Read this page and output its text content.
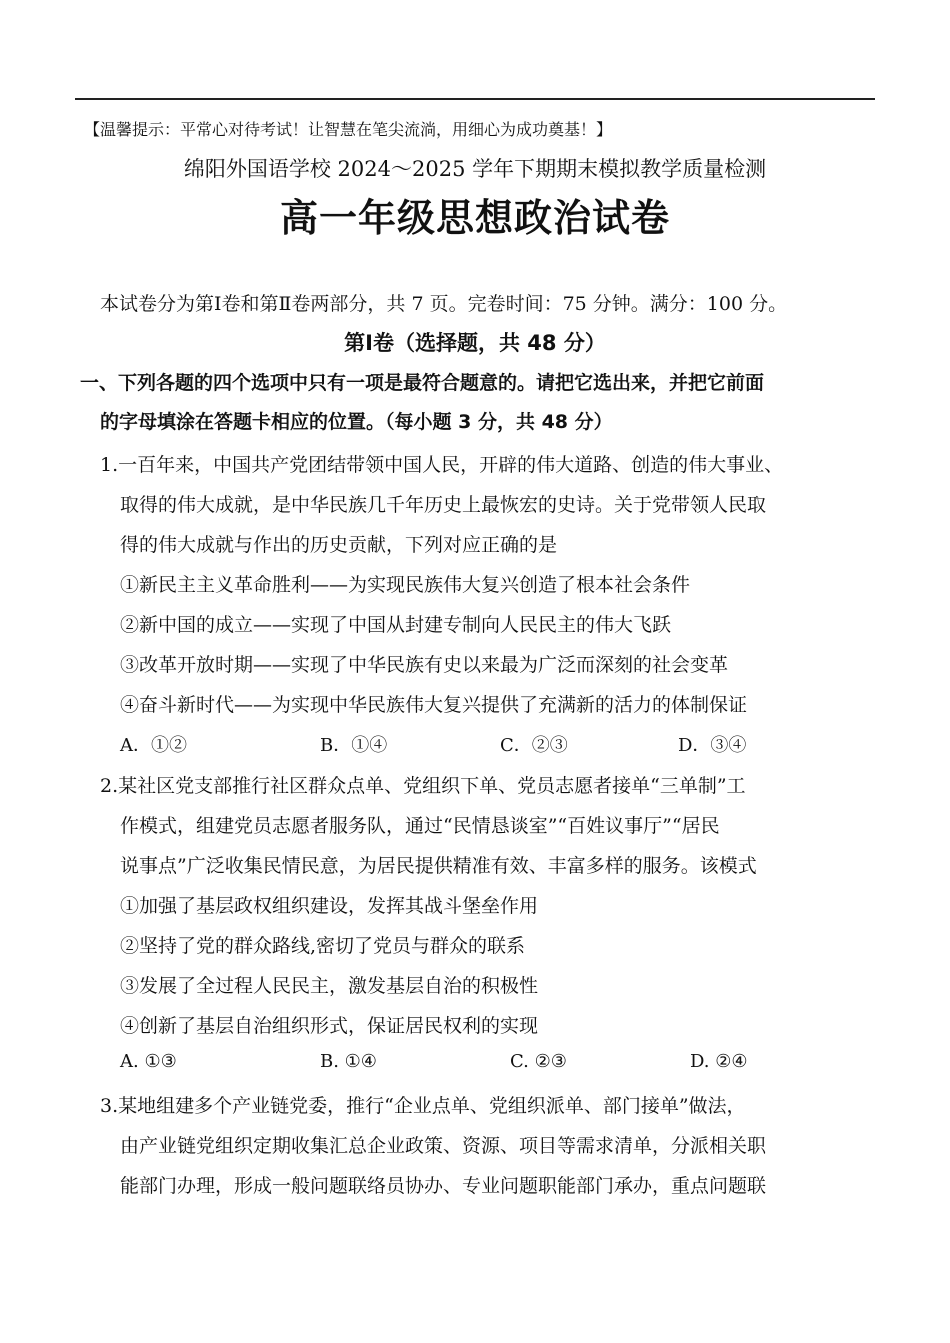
【温馨提示：平常心对待考试！让智慧在笔尖流淌，用细心为成功奠基！】
绵阳外国语学校 2024～2025 学年下期期末模拟教学质量检测
高一年级思想政治试卷
本试卷分为第Ⅰ卷和第Ⅱ卷两部分，共 7 页。完卷时间：75 分钟。满分：100 分。
第Ⅰ卷（选择题，共 48 分）
一、下列各题的四个选项中只有一项是最符合题意的。请把它选出来，并把它前面
的字母填涂在答题卡相应的位置。（每小题 3 分，共 48 分）
1.一百年来，中国共产党团结带领中国人民，开辟的伟大道路、创造的伟大事业、
取得的伟大成就，是中华民族几千年历史上最恢宏的史诗。关于党带领人民取
得的伟大成就与作出的历史贡献，下列对应正确的是
①新民主主义革命胜利——为实现民族伟大复兴创造了根本社会条件
②新中国的成立——实现了中国从封建专制向人民民主的伟大飞跃
③改革开放时期——实现了中华民族有史以来最为广泛而深刻的社会变革
④奋斗新时代——为实现中华民族伟大复兴提供了充满新的活力的体制保证
A．①②	B．①④	C．②③	D．③④
2.某社区党支部推行社区群众点单、党组织下单、党员志愿者接单“三单制”工
作模式，组建党员志愿者服务队，通过“民情恳谈室”“百姓议事厅”“居民
说事点”广泛收集民情民意，为居民提供精准有效、丰富多样的服务。该模式
①加强了基层政权组织建设，发挥其战斗堡垒作用
②坚持了党的群众路线,密切了党员与群众的联系
③发展了全过程人民民主，激发基层自治的积极性
④创新了基层自治组织形式，保证居民权利的实现
A. ①③	B. ①④	C. ②③	D. ②④
3.某地组建多个产业链党委，推行“企业点单、党组织派单、部门接单”做法，
由产业链党组织定期收集汇总企业政策、资源、项目等需求清单，分派相关职
能部门办理，形成一般问题联络员协办、专业问题职能部门承办，重点问题联
